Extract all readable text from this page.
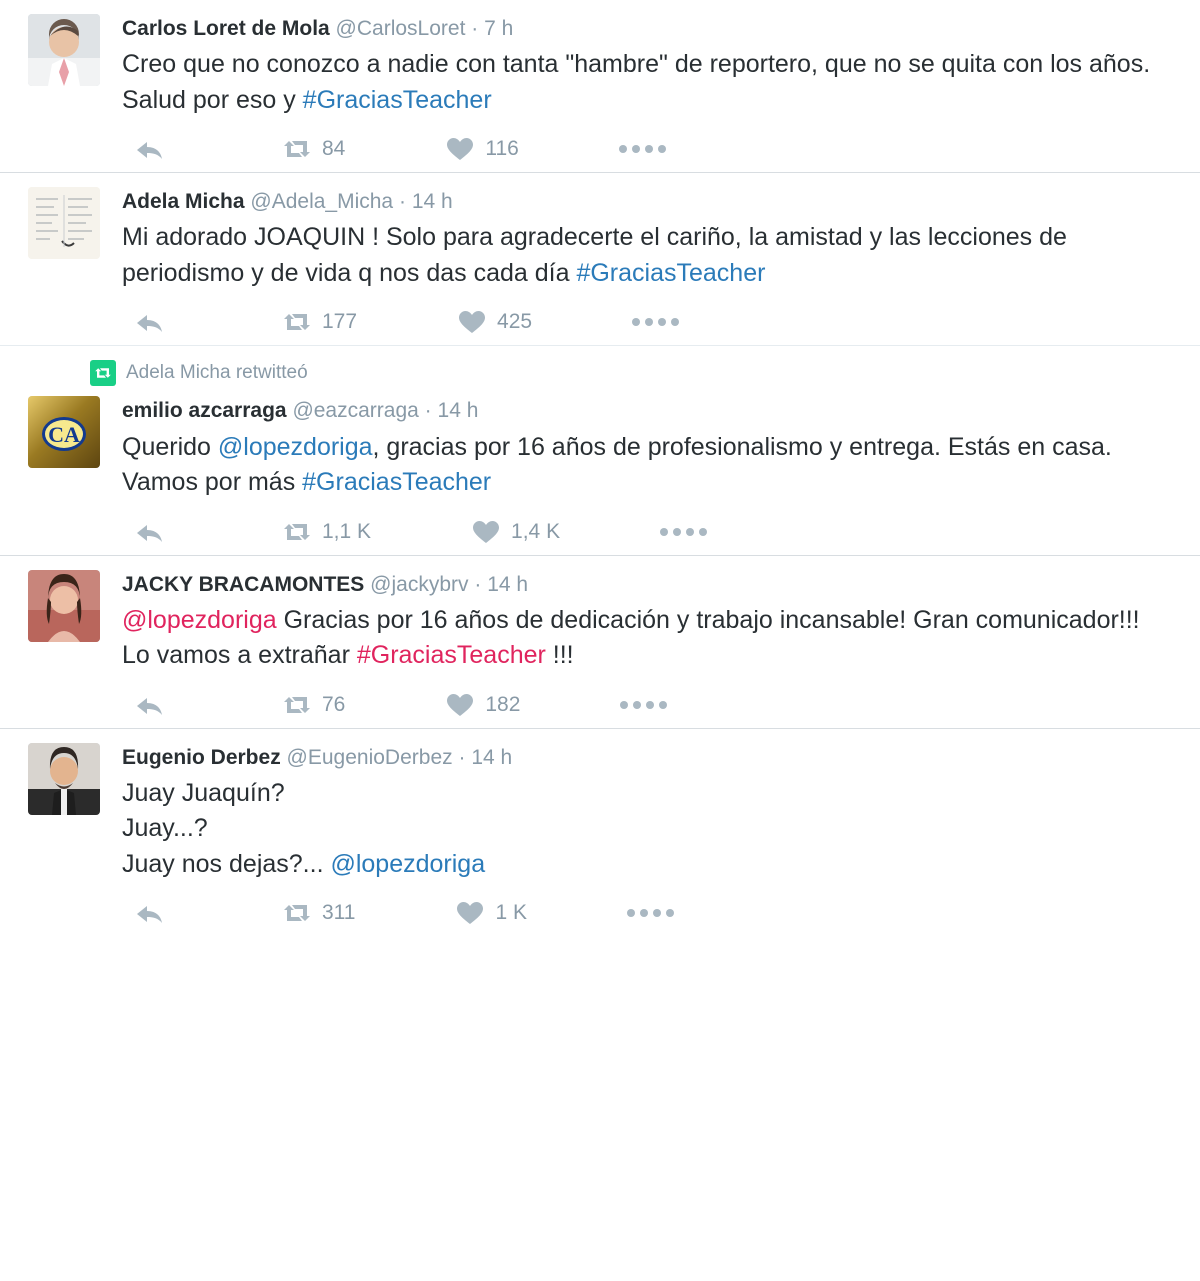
Carlos Loret de Mola @CarlosLoret · 7 h
Creo que no conozco a nadie con tanta "hambre" de reportero, que no se quita con los años. Salud por eso y #GraciasTeacher
84	116
Adela Micha @Adela_Micha · 14 h
Mi adorado JOAQUIN ! Solo para agradecerte el cariño, la amistad y las lecciones de periodismo y de vida q nos das cada día #GraciasTeacher
177	425
Adela Micha retwitteó
CA
emilio azcarraga @eazcarraga · 14 h
Querido @lopezdoriga, gracias por 16 años de profesionalismo y entrega. Estás en casa. Vamos por más #GraciasTeacher
1,1 K	1,4 K
JACKY BRACAMONTES @jackybrv · 14 h
@lopezdoriga Gracias por 16 años de dedicación y trabajo incansable! Gran comunicador!!! Lo vamos a extrañar #GraciasTeacher !!!
76	182
Eugenio Derbez @EugenioDerbez · 14 h
Juay Juaquín?
Juay...?
Juay nos dejas?... @lopezdoriga
311	1 K
